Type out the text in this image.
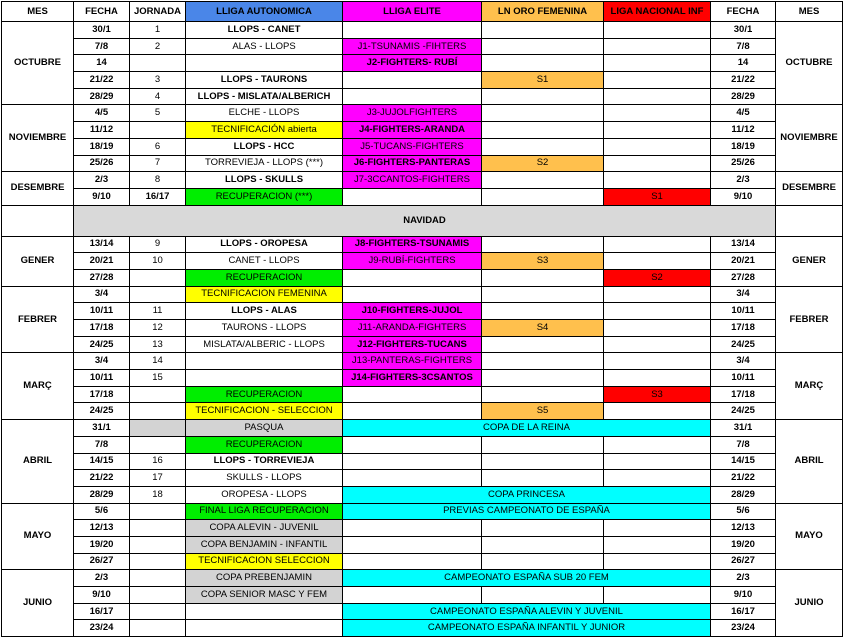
MES	FECHA	JORNADA	LLIGA AUTONOMICA	LLIGA ELITE	LN ORO FEMENINA	LIGA NACIONAL INF	FECHA	MES
OCTUBRE	30/1	1	LLOPS - CANET				30/1	OCTUBRE
	7/8	2	ALAS - LLOPS	J1-TSUNAMIS -FIHTERS			7/8	
	14			J2-FIGHTERS- RUBÍ			14	
	21/22	3	LLOPS - TAURONS		S1		21/22	
	28/29	4	LLOPS - MISLATA/ALBERICH				28/29	
NOVIEMBRE	4/5	5	ELCHE - LLOPS	J3-JUJOLFIGHTERS			4/5	NOVIEMBRE
	11/12		TECNIFICACIÓN abierta	J4-FIGHTERS-ARANDA			11/12	
	18/19	6	LLOPS - HCC	J5-TUCANS-FIGHTERS			18/19	
	25/26	7	TORREVIEJA - LLOPS (***)	J6-FIGHTERS-PANTERAS	S2		25/26	
DESEMBRE	2/3	8	LLOPS - SKULLS	J7-3CCANTOS-FIGHTERS			2/3	DESEMBRE
	9/10	16/17	RECUPERACION (***)			S1	9/10	
	NAVIDAD							
GENER	13/14	9	LLOPS - OROPESA	J8-FIGHTERS-TSUNAMIS			13/14	GENER
	20/21	10	CANET - LLOPS	J9-RUBÍ-FIGHTERS	S3		20/21	
	27/28		RECUPERACION			S2	27/28	
FEBRER	3/4		TECNIFICACION FEMENINA				3/4	FEBRER
	10/11	11	LLOPS - ALAS	J10-FIGHTERS-JUJOL			10/11	
	17/18	12	TAURONS - LLOPS	J11-ARANDA-FIGHTERS	S4		17/18	
	24/25	13	MISLATA/ALBERIC - LLOPS	J12-FIGHTERS-TUCANS			24/25	
MARÇ	3/4	14		J13-PANTERAS-FIGHTERS			3/4	MARÇ
	10/11	15		J14-FIGHTERS-3CSANTOS			10/11	
	17/18		RECUPERACION			S3	17/18	
	24/25		TECNIFICACION - SELECCION		S5		24/25	
ABRIL	31/1		PASQUA	COPA DE LA REINA			31/1	ABRIL
	7/8		RECUPERACION				7/8	
	14/15	16	LLOPS - TORREVIEJA				14/15	
	21/22	17	SKULLS - LLOPS				21/22	
	28/29	18	OROPESA - LLOPS	COPA PRINCESA			28/29	
MAYO	5/6		FINAL LIGA RECUPERACION	PREVIAS CAMPEONATO DE ESPAÑA			5/6	MAYO
	12/13		COPA ALEVIN - JUVENIL				12/13	
	19/20		COPA BENJAMIN - INFANTIL				19/20	
	26/27		TECNIFICACION SELECCION				26/27	
JUNIO	2/3		COPA PREBENJAMIN	CAMPEONATO ESPAÑA SUB 20 FEM			2/3	JUNIO
	9/10		COPA SENIOR MASC Y FEM				9/10	
	16/17			CAMPEONATO ESPAÑA ALEVIN Y JUVENIL			16/17	
	23/24			CAMPEONATO ESPAÑA INFANTIL Y JUNIOR			23/24	
